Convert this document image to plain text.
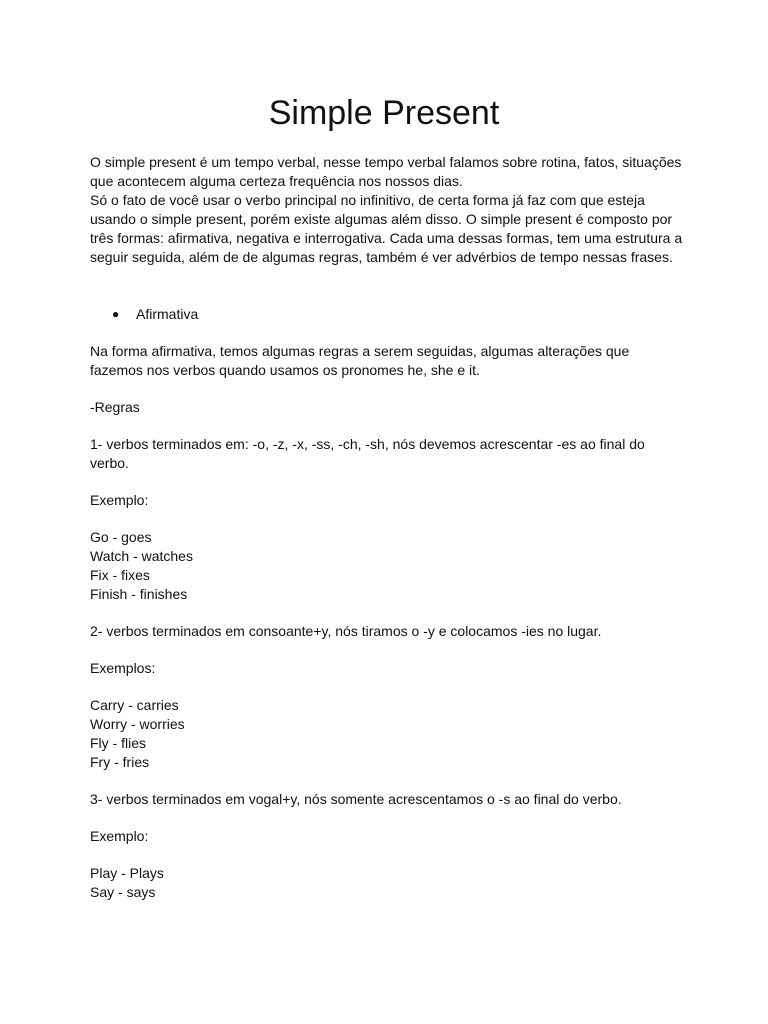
Simple Present
O simple present é um tempo verbal, nesse tempo verbal falamos sobre rotina, fatos, situações
que acontecem alguma certeza frequência nos nossos dias.
Só o fato de você usar o verbo principal no infinitivo, de certa forma já faz com que esteja
usando o simple present, porém existe algumas além disso. O simple present é composto por
três formas: afirmativa, negativa e interrogativa. Cada uma dessas formas, tem uma estrutura a
seguir seguida, além de de algumas regras, também é ver advérbios de tempo nessas frases.
●	Afirmativa
Na forma afirmativa, temos algumas regras a serem seguidas, algumas alterações que
fazemos nos verbos quando usamos os pronomes he, she e it.
-Regras
1- verbos terminados em: -o, -z, -x, -ss, -ch, -sh, nós devemos acrescentar -es ao final do
verbo.
Exemplo:
Go - goes
Watch - watches
Fix - fixes
Finish - finishes
2- verbos terminados em consoante+y, nós tiramos o -y e colocamos -ies no lugar.
Exemplos:
Carry - carries
Worry - worries
Fly - flies
Fry - fries
3- verbos terminados em vogal+y, nós somente acrescentamos o -s ao final do verbo.
Exemplo:
Play - Plays
Say - says
